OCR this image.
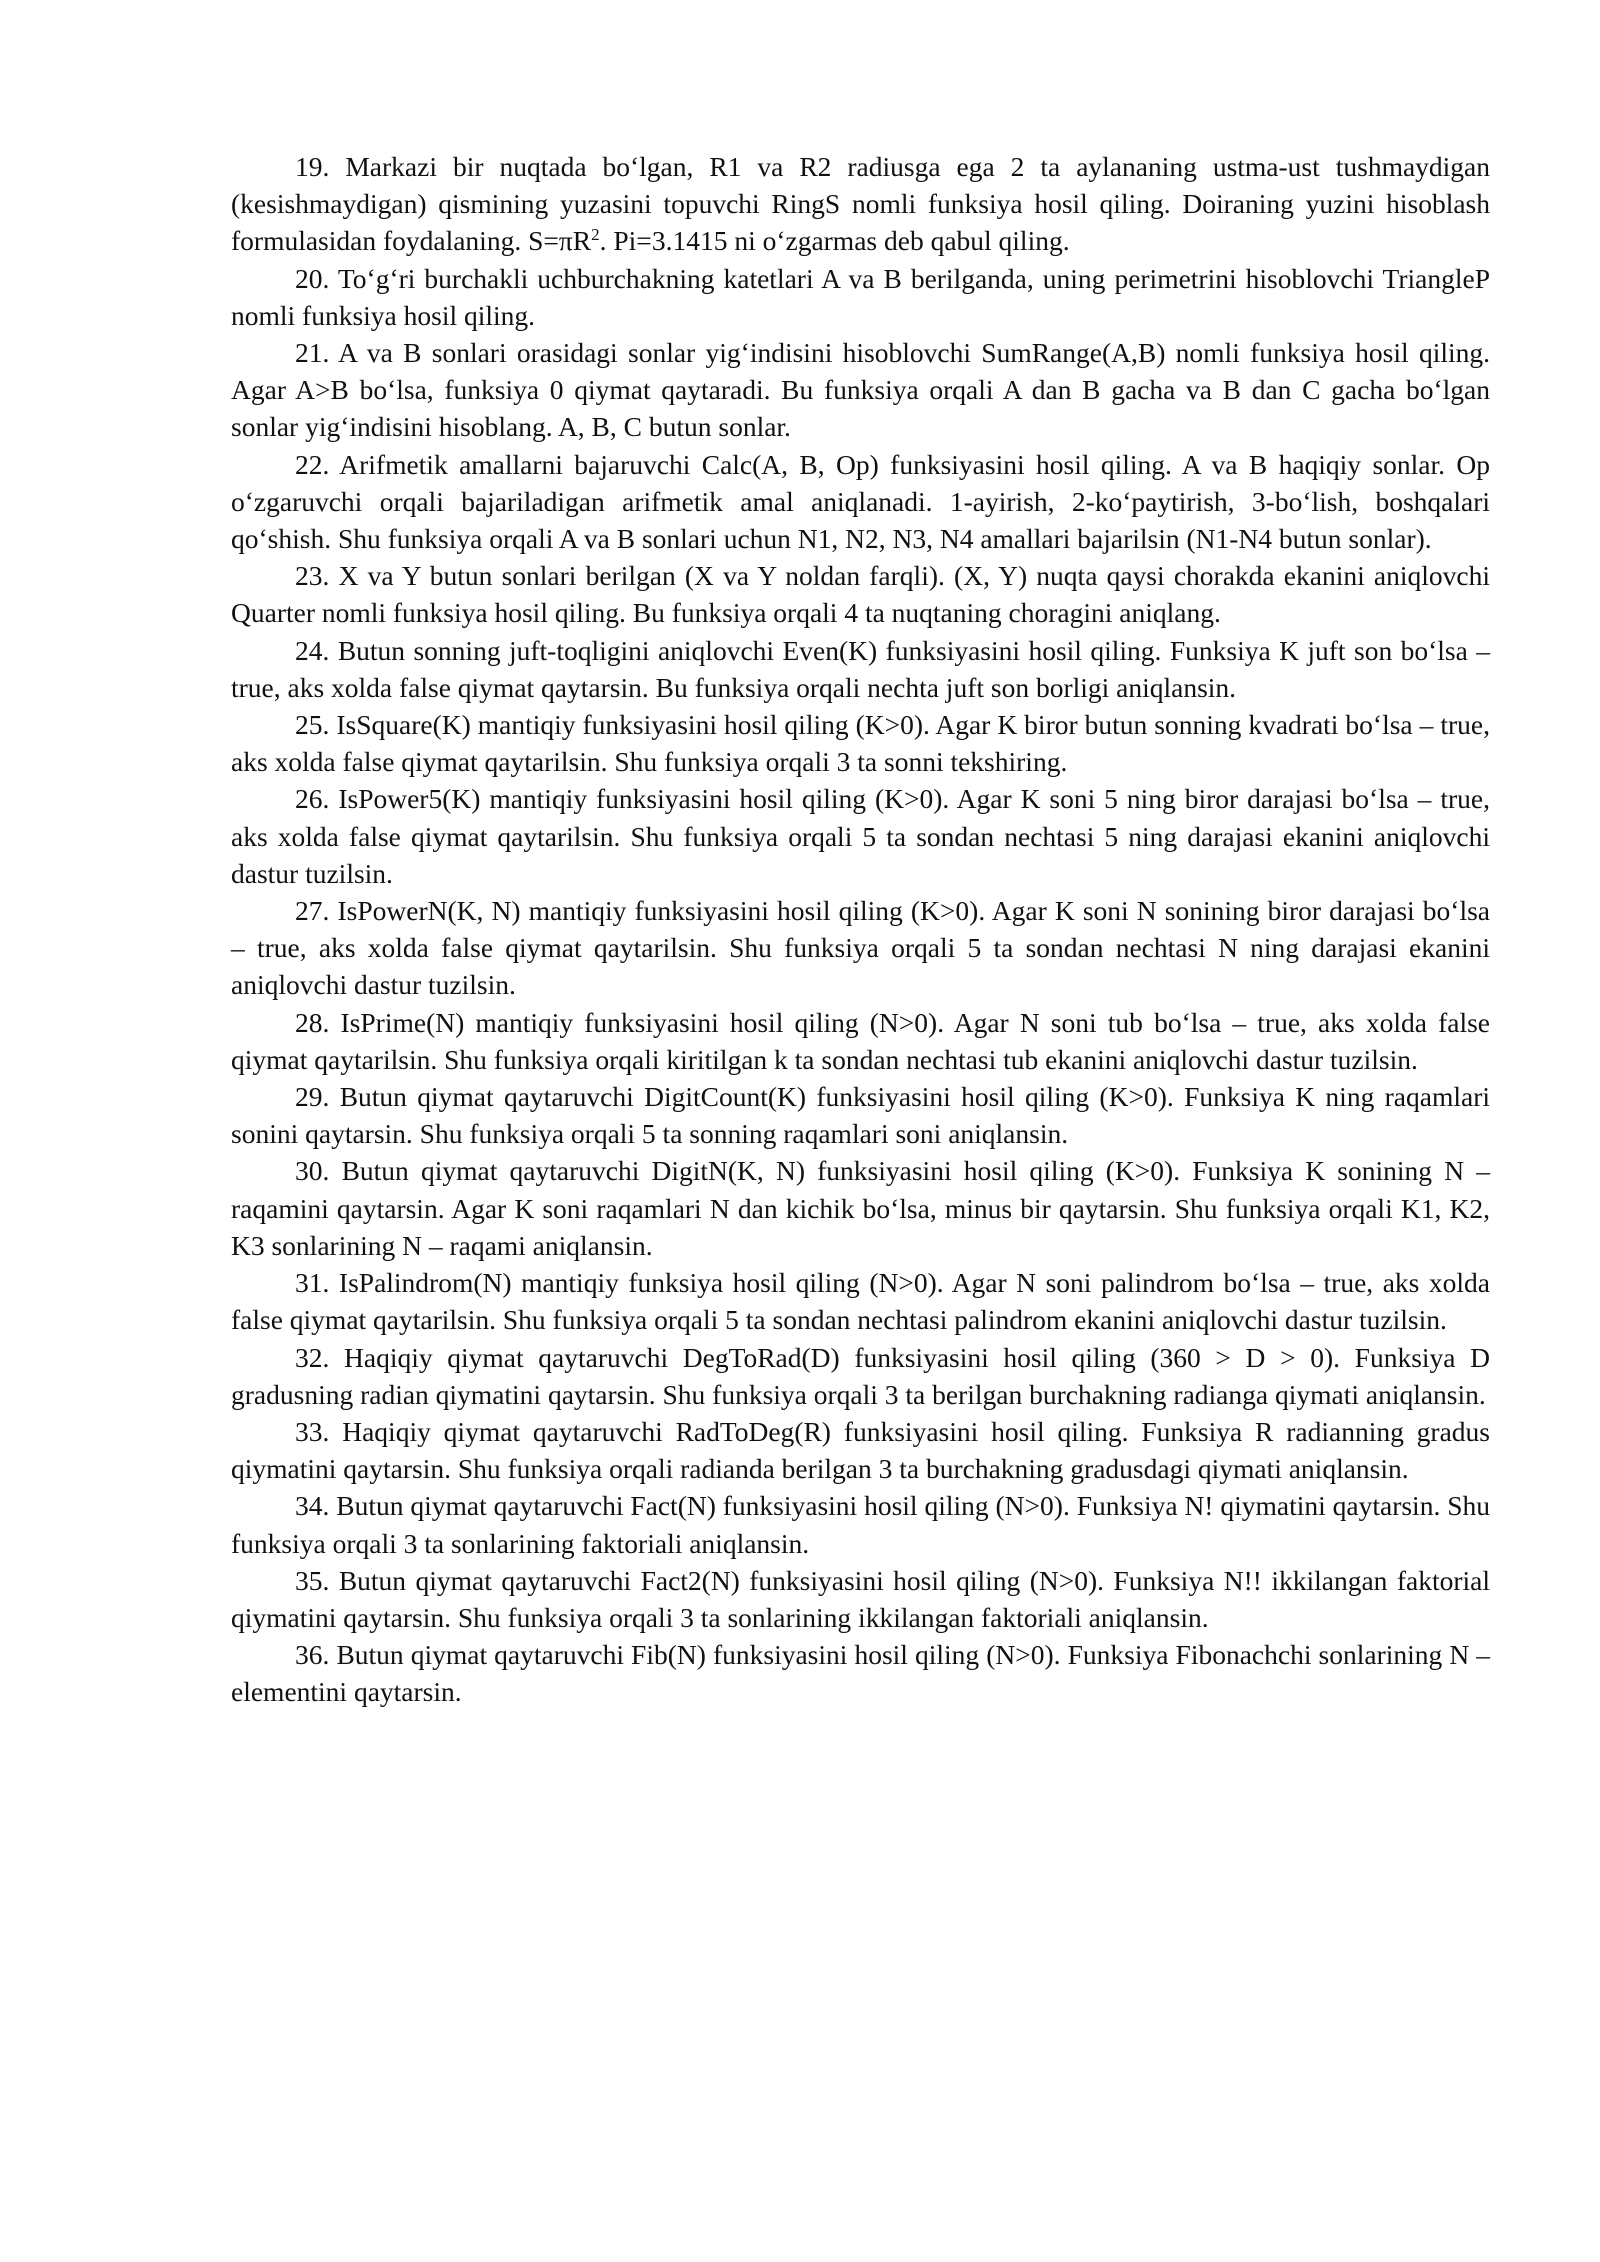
19. Markazi bir nuqtada bo‘lgan, R1 va R2 radiusga ega 2 ta aylananing ustma-ust tushmaydigan (kesishmaydigan) qismining yuzasini topuvchi RingS nomli funksiya hosil qiling. Doiraning yuzini hisoblash formulasidan foydalaning. $S=\pi R^2$. Pi=3.1415 ni o‘zgarmas deb qabul qiling.

20. To‘g‘ri burchakli uchburchakning katetlari A va B berilganda, uning perimetrini hisoblovchi TriangleP nomli funksiya hosil qiling.

21. A va B sonlari orasidagi sonlar yig‘indisini hisoblovchi SumRange(A,B) nomli funksiya hosil qiling. Agar A>B bo‘lsa, funksiya 0 qiymat qaytaradi. Bu funksiya orqali A dan B gacha va B dan C gacha bo‘lgan sonlar yig‘indisini hisoblang. A, B, C butun sonlar.

22. Arifmetik amallarni bajaruvchi Calc(A, B, Op) funksiyasini hosil qiling. A va B haqiqiy sonlar. Op o‘zgaruvchi orqali bajariladigan arifmetik amal aniqlanadi. 1-ayirish, 2-ko‘paytirish, 3-bo‘lish, boshqalari qo‘shish. Shu funksiya orqali A va B sonlari uchun N1, N2, N3, N4 amallari bajarilsin (N1-N4 butun sonlar).

23. X va Y butun sonlari berilgan (X va Y noldan farqli). (X, Y) nuqta qaysi chorakda ekanini aniqlovchi Quarter nomli funksiya hosil qiling. Bu funksiya orqali 4 ta nuqtaning choragini aniqlang.

24. Butun sonning juft-toqligini aniqlovchi Even(K) funksiyasini hosil qiling. Funksiya K juft son bo‘lsa – true, aks xolda false qiymat qaytarsin. Bu funksiya orqali nechta juft son borligi aniqlansin.

25. IsSquare(K) mantiqiy funksiyasini hosil qiling (K>0). Agar K biror butun sonning kvadrati bo‘lsa – true, aks xolda false qiymat qaytarilsin. Shu funksiya orqali 3 ta sonni tekshiring.

26. IsPower5(K) mantiqiy funksiyasini hosil qiling (K>0). Agar K soni 5 ning biror darajasi bo‘lsa – true, aks xolda false qiymat qaytarilsin. Shu funksiya orqali 5 ta sondan nechtasi 5 ning darajasi ekanini aniqlovchi dastur tuzilsin.

27. IsPowerN(K, N) mantiqiy funksiyasini hosil qiling (K>0). Agar K soni N sonining biror darajasi bo‘lsa – true, aks xolda false qiymat qaytarilsin. Shu funksiya orqali 5 ta sondan nechtasi N ning darajasi ekanini aniqlovchi dastur tuzilsin.

28. IsPrime(N) mantiqiy funksiyasini hosil qiling (N>0). Agar N soni tub bo‘lsa – true, aks xolda false qiymat qaytarilsin. Shu funksiya orqali kiritilgan k ta sondan nechtasi tub ekanini aniqlovchi dastur tuzilsin.

29. Butun qiymat qaytaruvchi DigitCount(K) funksiyasini hosil qiling (K>0). Funksiya K ning raqamlari sonini qaytarsin. Shu funksiya orqali 5 ta sonning raqamlari soni aniqlansin.

30. Butun qiymat qaytaruvchi DigitN(K, N) funksiyasini hosil qiling (K>0). Funksiya K sonining N – raqamini qaytarsin. Agar K soni raqamlari N dan kichik bo‘lsa, minus bir qaytarsin. Shu funksiya orqali K1, K2, K3 sonlarining N – raqami aniqlansin.

31. IsPalindrom(N) mantiqiy funksiya hosil qiling (N>0). Agar N soni palindrom bo‘lsa – true, aks xolda false qiymat qaytarilsin. Shu funksiya orqali 5 ta sondan nechtasi palindrom ekanini aniqlovchi dastur tuzilsin.

32. Haqiqiy qiymat qaytaruvchi DegToRad(D) funksiyasini hosil qiling (360 > D > 0). Funksiya D gradusning radian qiymatini qaytarsin. Shu funksiya orqali 3 ta berilgan burchakning radianga qiymati aniqlansin.

33. Haqiqiy qiymat qaytaruvchi RadToDeg(R) funksiyasini hosil qiling. Funksiya R radianning gradus qiymatini qaytarsin. Shu funksiya orqali radianda berilgan 3 ta burchakning gradusdagi qiymati aniqlansin.

34. Butun qiymat qaytaruvchi Fact(N) funksiyasini hosil qiling (N>0). Funksiya N! qiymatini qaytarsin. Shu funksiya orqali 3 ta sonlarining faktoriali aniqlansin.

35. Butun qiymat qaytaruvchi Fact2(N) funksiyasini hosil qiling (N>0). Funksiya N!! ikkilangan faktorial qiymatini qaytarsin. Shu funksiya orqali 3 ta sonlarining ikkilangan faktoriali aniqlansin.

36. Butun qiymat qaytaruvchi Fib(N) funksiyasini hosil qiling (N>0). Funksiya Fibonachchi sonlarining N – elementini qaytarsin.
